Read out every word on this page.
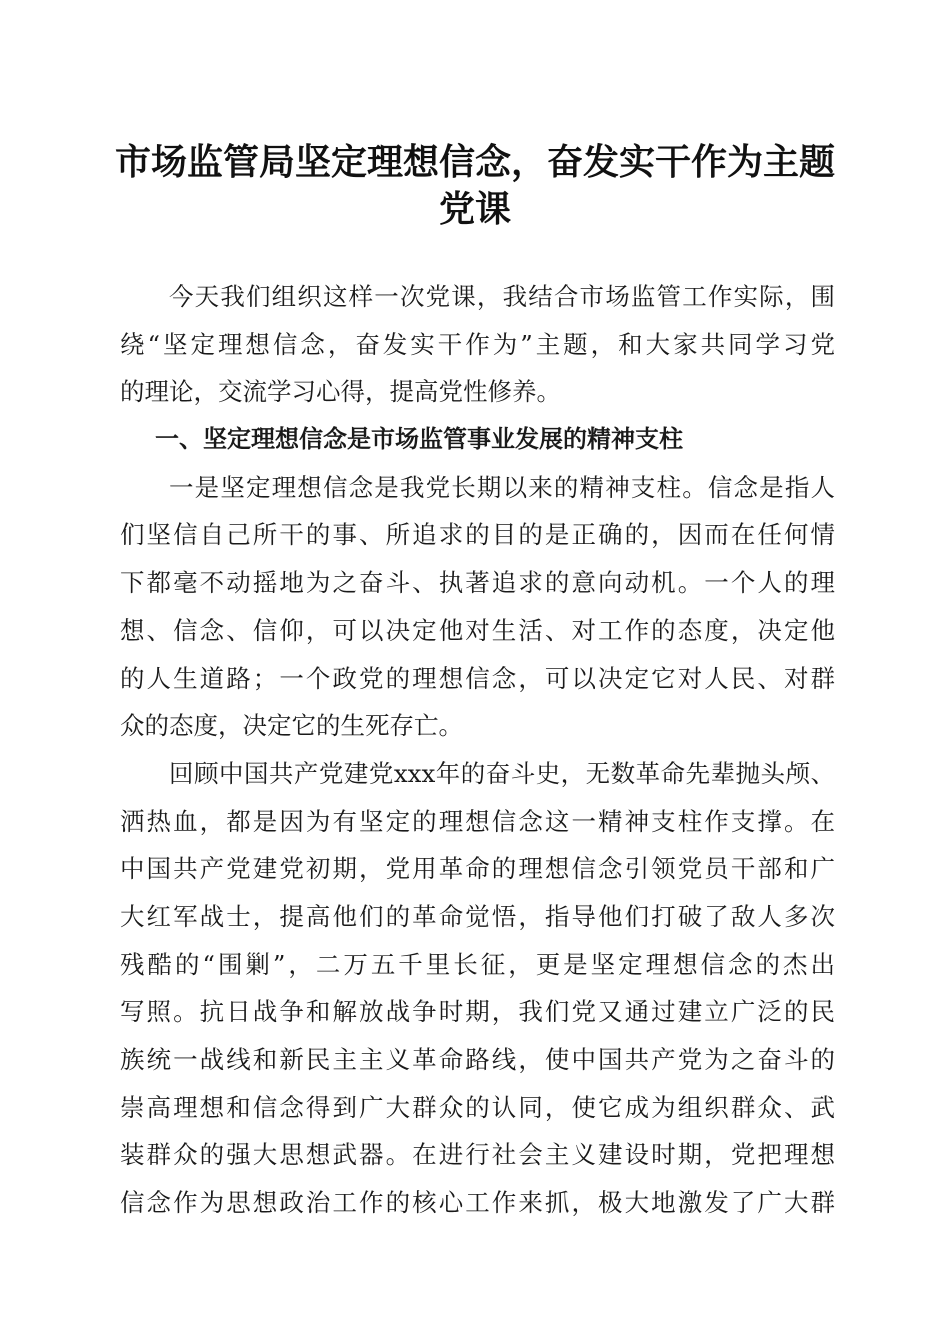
市场监管局坚定理想信念，奋发实干作为主题
党课
今天我们组织这样一次党课，我结合市场监管工作实际，围
绕“坚定理想信念，奋发实干作为”主题，和大家共同学习党
的理论，交流学习心得，提高党性修养。
一、坚定理想信念是市场监管事业发展的精神支柱
一是坚定理想信念是我党长期以来的精神支柱。信念是指人
们坚信自己所干的事、所追求的目的是正确的，因而在任何情
下都毫不动摇地为之奋斗、执著追求的意向动机。一个人的理
想、信念、信仰，可以决定他对生活、对工作的态度，决定他
的人生道路；一个政党的理想信念，可以决定它对人民、对群
众的态度，决定它的生死存亡。
回顾中国共产党建党xxx年的奋斗史，无数革命先辈抛头颅、
洒热血，都是因为有坚定的理想信念这一精神支柱作支撑。在
中国共产党建党初期，党用革命的理想信念引领党员干部和广
大红军战士，提高他们的革命觉悟，指导他们打破了敌人多次
残酷的“围剿”，二万五千里长征，更是坚定理想信念的杰出
写照。抗日战争和解放战争时期，我们党又通过建立广泛的民
族统一战线和新民主主义革命路线，使中国共产党为之奋斗的
崇高理想和信念得到广大群众的认同，使它成为组织群众、武
装群众的强大思想武器。在进行社会主义建设时期，党把理想
信念作为思想政治工作的核心工作来抓，极大地激发了广大群
